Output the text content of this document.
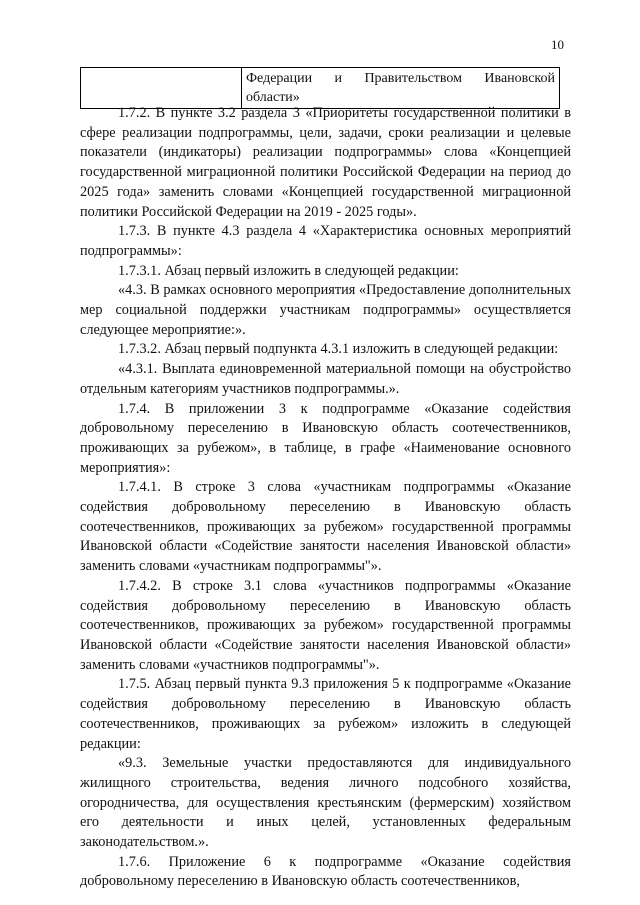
10
	Федерации и Правительством Ивановской области»

1.7.2. В пункте 3.2 раздела 3 «Приоритеты государственной политики в сфере реализации подпрограммы, цели, задачи, сроки реализации и целевые показатели (индикаторы) реализации подпрограммы» слова «Концепцией государственной миграционной политики Российской Федерации на период до 2025 года» заменить словами «Концепцией государственной миграционной политики Российской Федерации на 2019 - 2025 годы».

1.7.3. В пункте 4.3 раздела 4 «Характеристика основных мероприятий подпрограммы»:

1.7.3.1. Абзац первый изложить в следующей редакции:

«4.3. В рамках основного мероприятия «Предоставление дополнительных мер социальной поддержки участникам подпрограммы» осуществляется следующее мероприятие:».

1.7.3.2. Абзац первый подпункта 4.3.1 изложить в следующей редакции:

«4.3.1. Выплата единовременной материальной помощи на обустройство отдельным категориям участников подпрограммы.».

1.7.4. В приложении 3 к подпрограмме «Оказание содействия добровольному переселению в Ивановскую область соотечественников, проживающих за рубежом», в таблице, в графе «Наименование основного мероприятия»:

1.7.4.1. В строке 3 слова «участникам подпрограммы «Оказание содействия добровольному переселению в Ивановскую область соотечественников, проживающих за рубежом» государственной программы Ивановской области «Содействие занятости населения Ивановской области» заменить словами «участникам подпрограммы"».

1.7.4.2. В строке 3.1 слова «участников подпрограммы «Оказание содействия добровольному переселению в Ивановскую область соотечественников, проживающих за рубежом» государственной программы Ивановской области «Содействие занятости населения Ивановской области» заменить словами «участников подпрограммы"».

1.7.5. Абзац первый пункта 9.3 приложения 5 к подпрограмме «Оказание содействия добровольному переселению в Ивановскую область соотечественников, проживающих за рубежом» изложить в следующей редакции:

«9.3. Земельные участки предоставляются для индивидуального жилищного строительства, ведения личного подсобного хозяйства, огородничества, для осуществления крестьянским (фермерским) хозяйством его деятельности и иных целей, установленных федеральным законодательством.».

1.7.6. Приложение 6 к подпрограмме «Оказание содействия добровольному переселению в Ивановскую область соотечественников,
